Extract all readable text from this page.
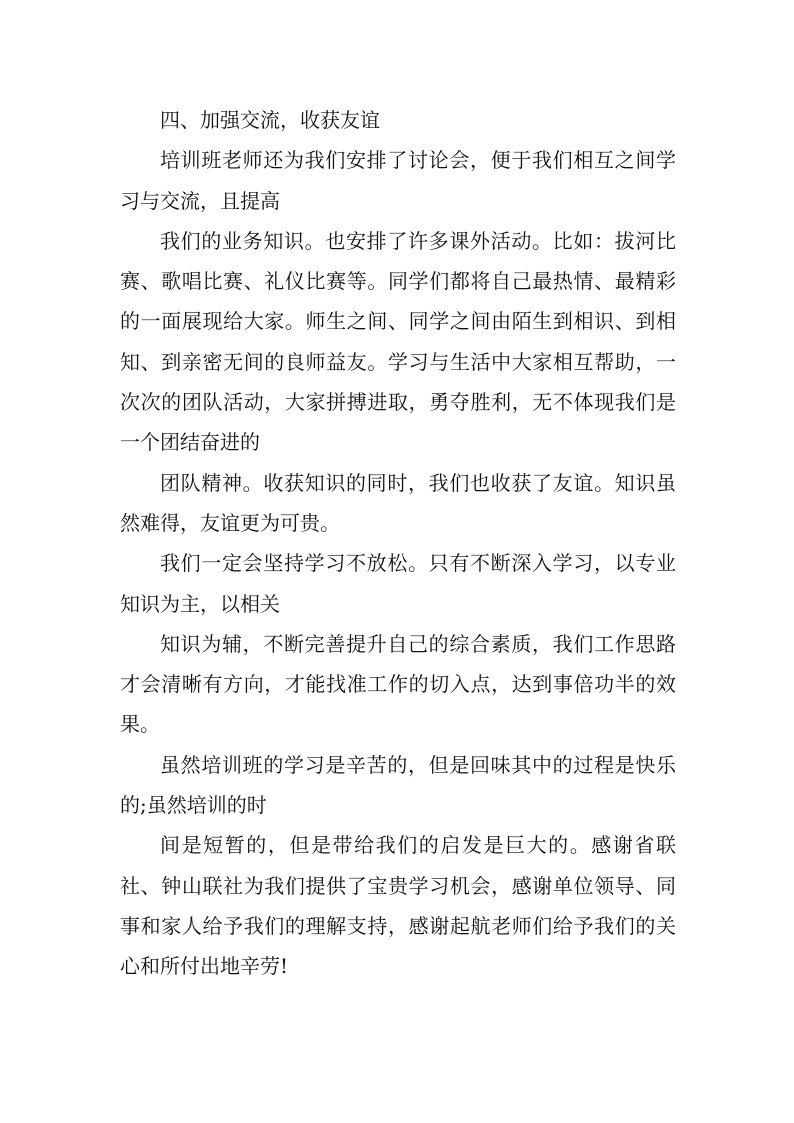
四、加强交流，收获友谊

培训班老师还为我们安排了讨论会，便于我们相互之间学习与交流，且提高

我们的业务知识。也安排了许多课外活动。比如：拔河比赛、歌唱比赛、礼仪比赛等。同学们都将自己最热情、最精彩的一面展现给大家。师生之间、同学之间由陌生到相识、到相知、到亲密无间的良师益友。学习与生活中大家相互帮助，一次次的团队活动，大家拼搏进取，勇夺胜利，无不体现我们是一个团结奋进的

团队精神。收获知识的同时，我们也收获了友谊。知识虽然难得，友谊更为可贵。

我们一定会坚持学习不放松。只有不断深入学习，以专业知识为主，以相关

知识为辅，不断完善提升自己的综合素质，我们工作思路才会清晰有方向，才能找准工作的切入点，达到事倍功半的效果。

虽然培训班的学习是辛苦的，但是回味其中的过程是快乐的;虽然培训的时

间是短暂的，但是带给我们的启发是巨大的。感谢省联社、钟山联社为我们提供了宝贵学习机会，感谢单位领导、同事和家人给予我们的理解支持，感谢起航老师们给予我们的关心和所付出地辛劳!
